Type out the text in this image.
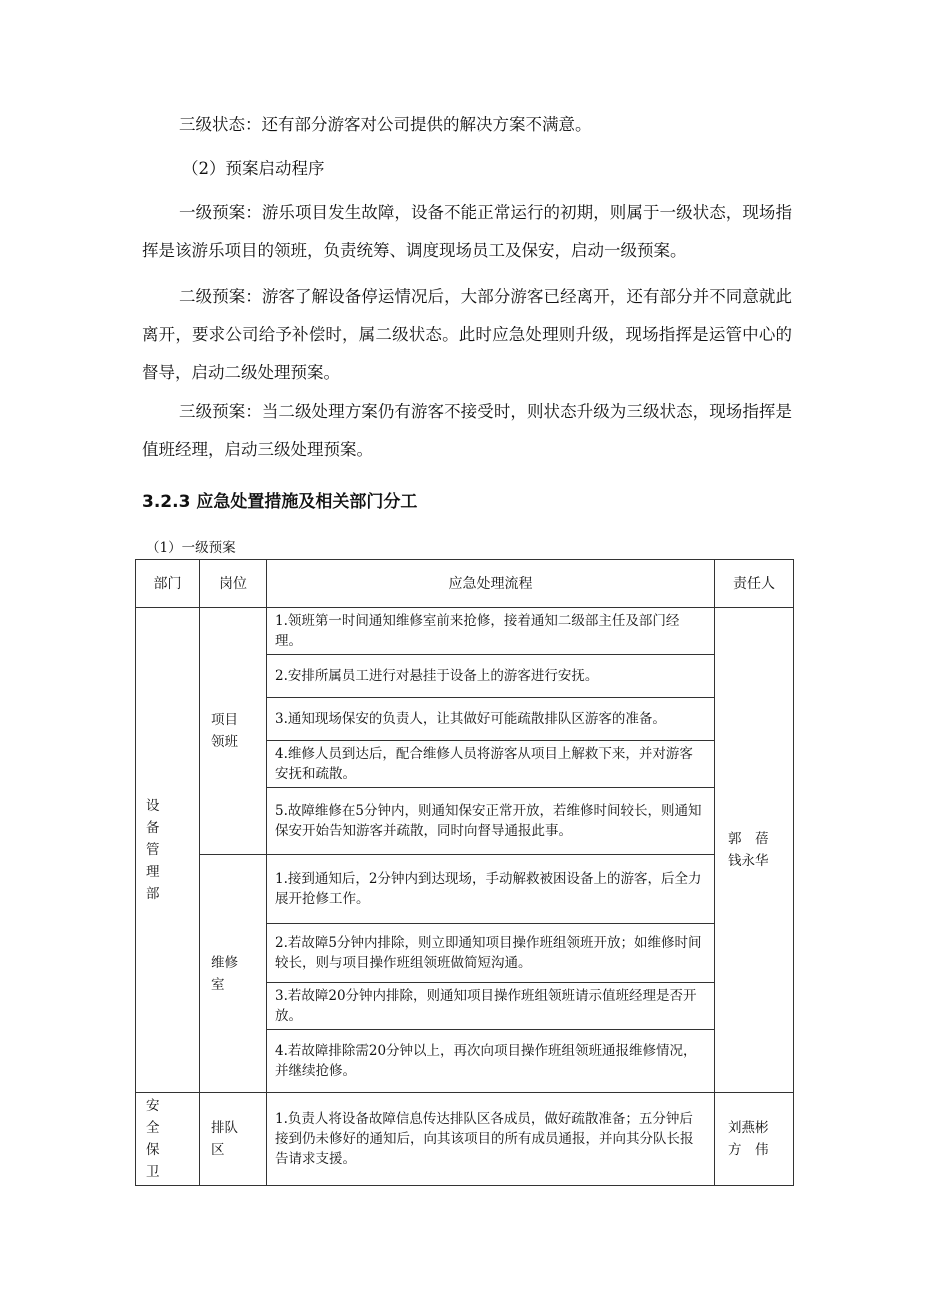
三级状态：还有部分游客对公司提供的解决方案不满意。

（2）预案启动程序

一级预案：游乐项目发生故障，设备不能正常运行的初期，则属于一级状态，现场指挥是该游乐项目的领班，负责统筹、调度现场员工及保安，启动一级预案。

二级预案：游客了解设备停运情况后，大部分游客已经离开，还有部分并不同意就此离开，要求公司给予补偿时，属二级状态。此时应急处理则升级，现场指挥是运管中心的督导，启动二级处理预案。

三级预案：当二级处理方案仍有游客不接受时，则状态升级为三级状态，现场指挥是值班经理，启动三级处理预案。

3.2.3 应急处置措施及相关部门分工

（1）一级预案

部门	岗位	应急处理流程	责任人

设备管理部	项目领班	1.领班第一时间通知维修室前来抢修，接着通知二级部主任及部门经理。	郭　蓓　钱永华

		2.安排所属员工进行对悬挂于设备上的游客进行安抚。	
		3.通知现场保安的负责人，让其做好可能疏散排队区游客的准备。	
		4.维修人员到达后，配合维修人员将游客从项目上解救下来，并对游客安抚和疏散。	
		5.故障维修在5分钟内，则通知保安正常开放，若维修时间较长，则通知保安开始告知游客并疏散，同时向督导通报此事。	

	维修室	1.接到通知后，2分钟内到达现场，手动解救被困设备上的游客，后全力展开抢修工作。	
		2.若故障5分钟内排除，则立即通知项目操作班组领班开放；如维修时间较长，则与项目操作班组领班做简短沟通。	
		3.若故障20分钟内排除，则通知项目操作班组领班请示值班经理是否开放。	
		4.若故障排除需20分钟以上，再次向项目操作班组领班通报维修情况，并继续抢修。	

安全保卫	排队区	1.负责人将设备故障信息传达排队区各成员，做好疏散准备；五分钟后接到仍未修好的通知后，向其该项目的所有成员通报，并向其分队长报告请求支援。	刘燕彬　方　伟
